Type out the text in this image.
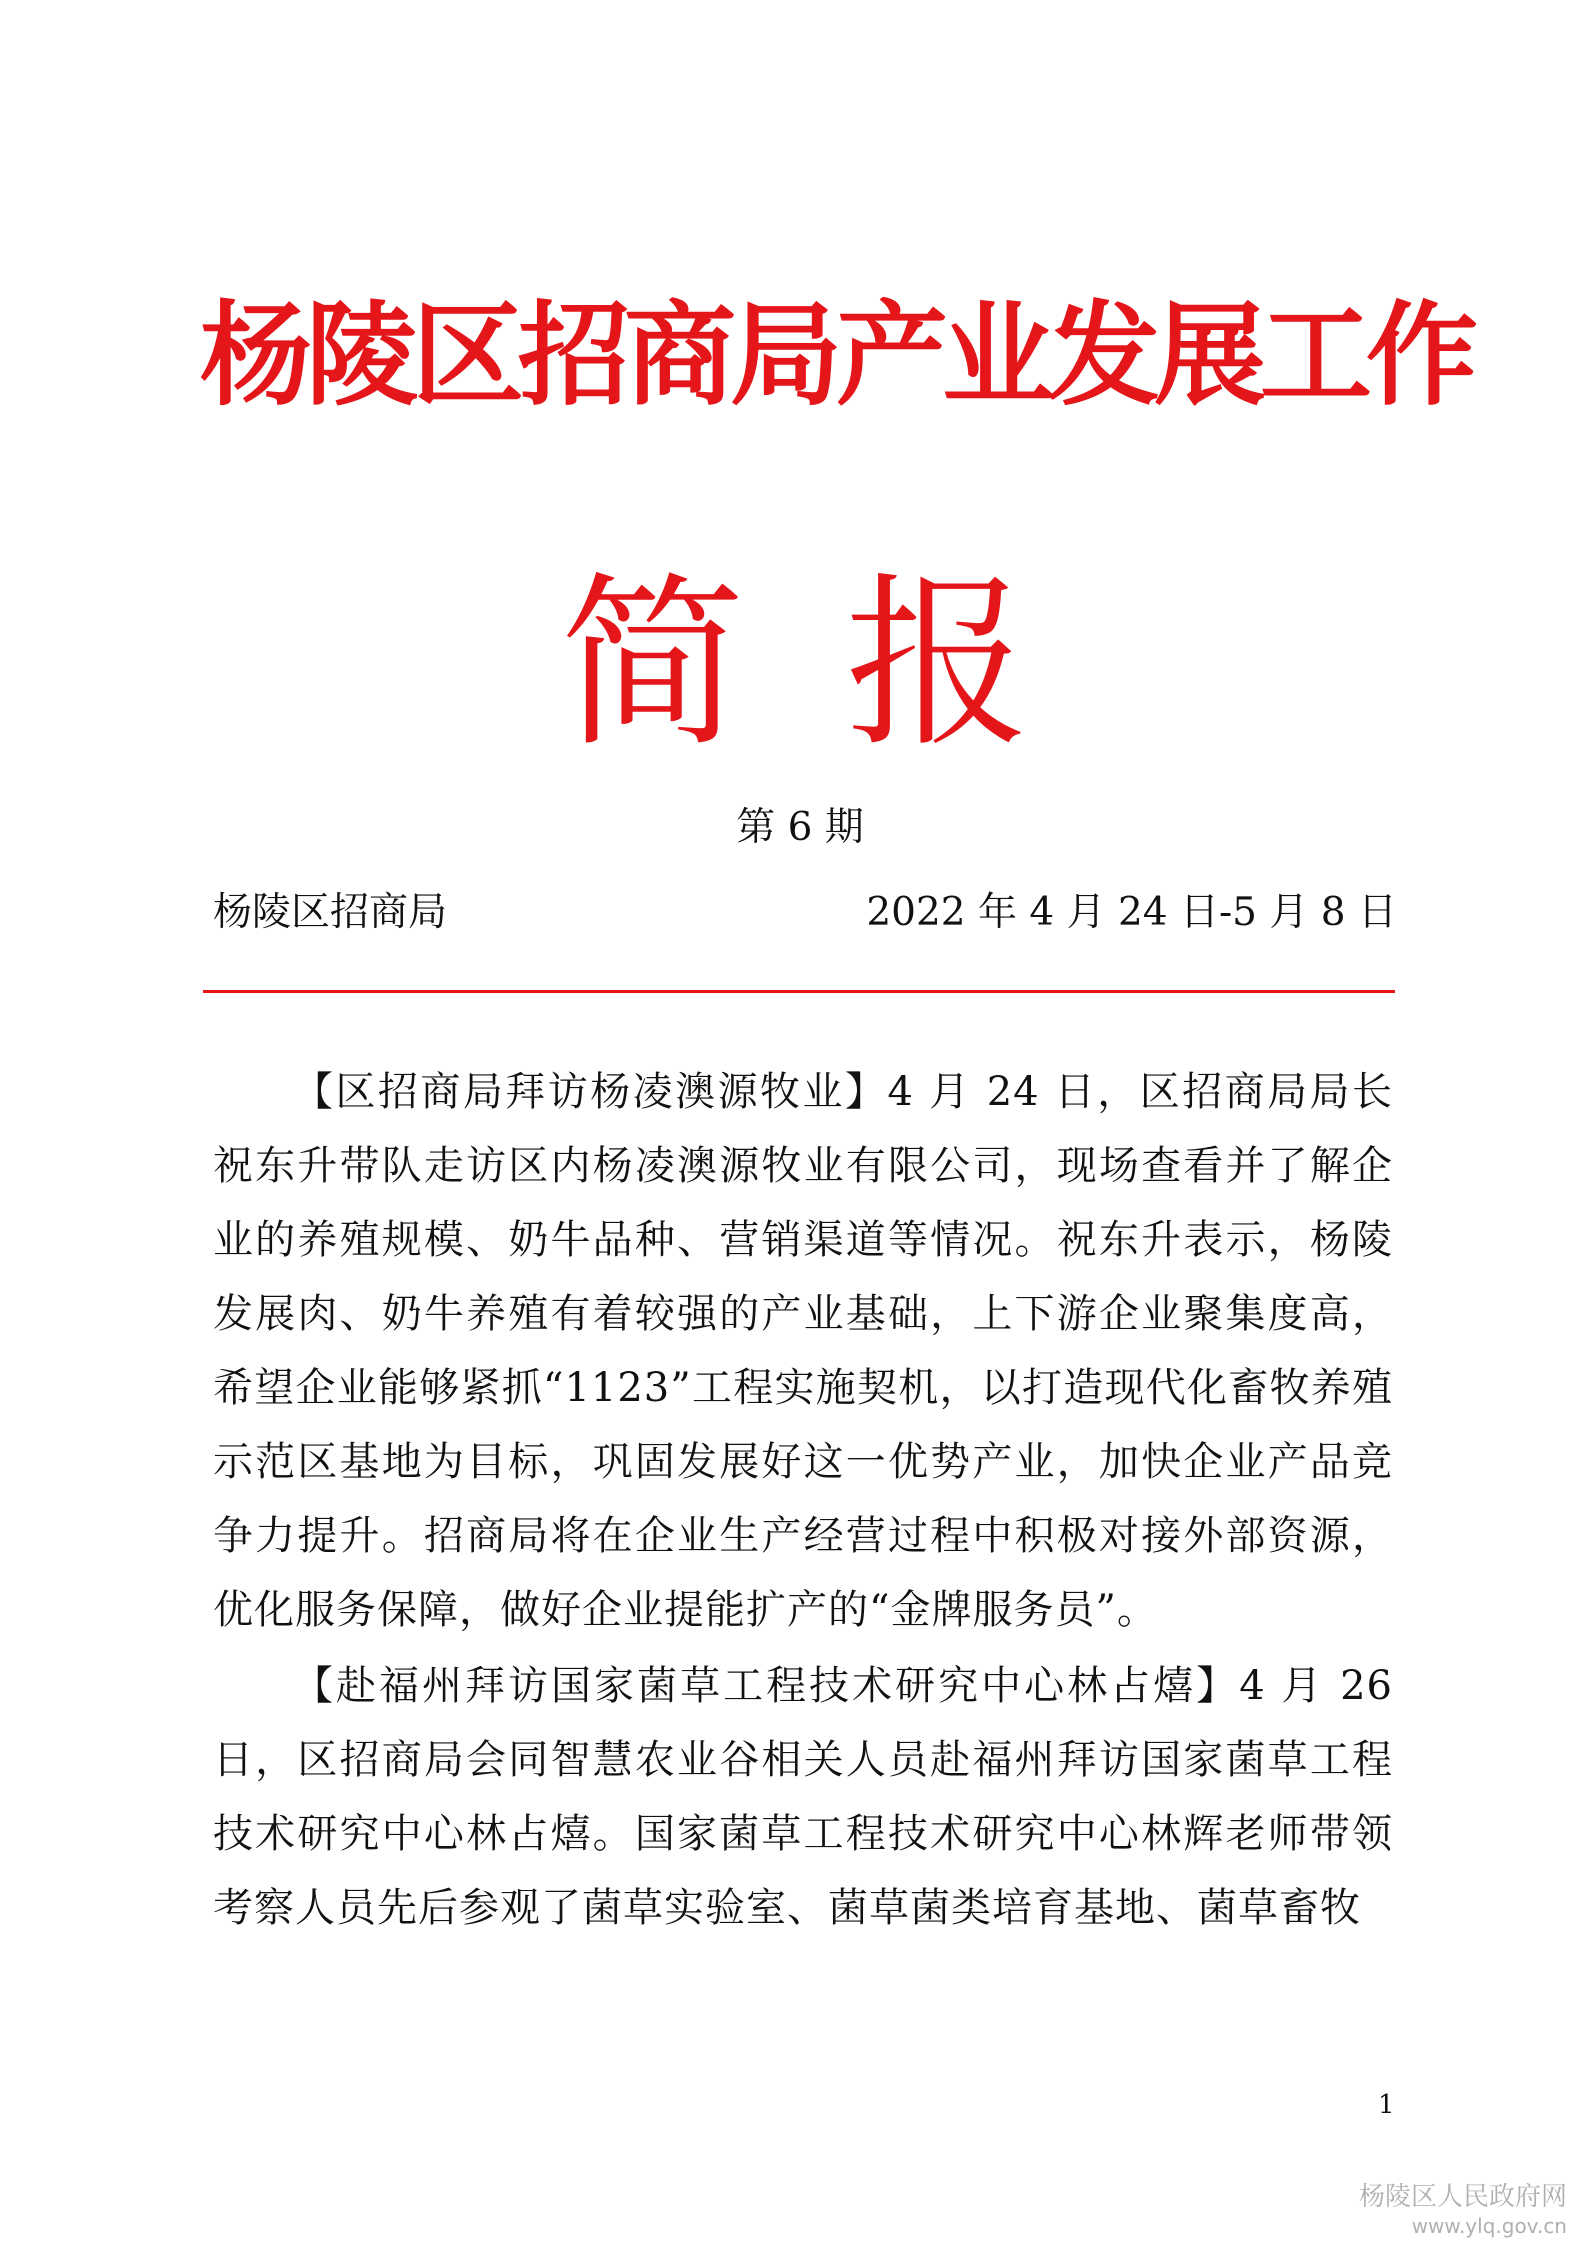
杨陵区招商局产业发展工作
简 报
第 6 期
杨陵区招商局	2022 年 4 月 24 日-5 月 8 日

【区招商局拜访杨凌澳源牧业】4 月 24 日，区招商局局长祝东升带队走访区内杨凌澳源牧业有限公司，现场查看并了解企业的养殖规模、奶牛品种、营销渠道等情况。祝东升表示，杨陵发展肉、奶牛养殖有着较强的产业基础，上下游企业聚集度高，希望企业能够紧抓“1123”工程实施契机，以打造现代化畜牧养殖示范区基地为目标，巩固发展好这一优势产业，加快企业产品竞争力提升。招商局将在企业生产经营过程中积极对接外部资源，优化服务保障，做好企业提能扩产的“金牌服务员”。

【赴福州拜访国家菌草工程技术研究中心林占熺】4 月 26 日，区招商局会同智慧农业谷相关人员赴福州拜访国家菌草工程技术研究中心林占熺。国家菌草工程技术研究中心林辉老师带领考察人员先后参观了菌草实验室、菌草菌类培育基地、菌草畜牧

1
杨陵区人民政府网
www.ylq.gov.cn
